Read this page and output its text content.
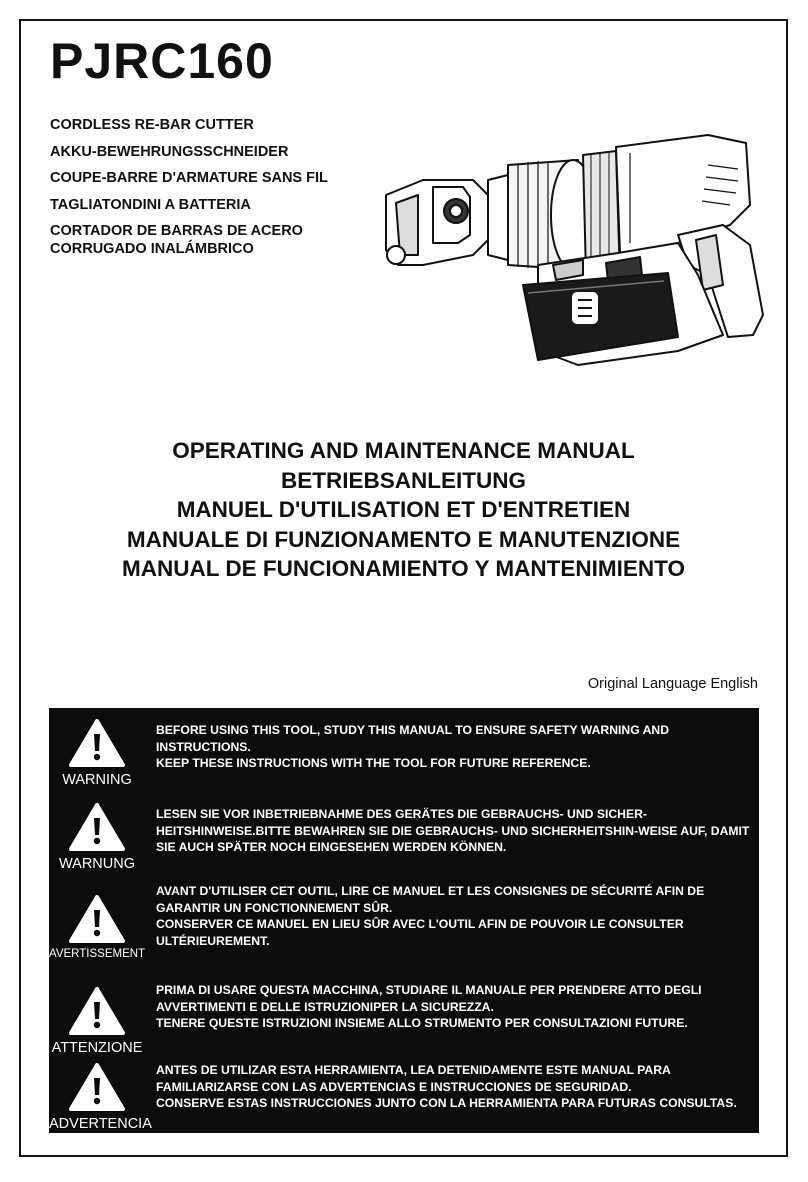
PJRC160
CORDLESS RE-BAR CUTTER
AKKU-BEWEHRUNGSSCHNEIDER
COUPE-BARRE D'ARMATURE SANS FIL
TAGLIATONDINI A BATTERIA
CORTADOR DE BARRAS DE ACERO CORRUGADO INALÁMBRICO
OPERATING AND MAINTENANCE MANUAL
BETRIEBSANLEITUNG
MANUEL D'UTILISATION ET D'ENTRETIEN
MANUALE DI FUNZIONAMENTO E MANUTENZIONE
MANUAL DE FUNCIONAMIENTO Y MANTENIMIENTO
Original Language English
WARNING

BEFORE USING THIS TOOL, STUDY THIS MANUAL TO ENSURE SAFETY WARNING AND INSTRUCTIONS.

KEEP THESE INSTRUCTIONS WITH THE TOOL FOR FUTURE REFERENCE.

WARNUNG

LESEN SIE VOR INBETRIEBNAHME DES GERÄTES DIE GEBRAUCHS- UND SICHER-HEITSHINWEISE.BITTE BEWAHREN SIE DIE GEBRAUCHS- UND SICHERHEITSHIN-WEISE AUF, DAMIT SIE AUCH SPÄTER NOCH EINGESEHEN WERDEN KÖNNEN.

AVERTISSEMENT

AVANT D'UTILISER CET OUTIL, LIRE CE MANUEL ET LES CONSIGNES DE SÉCURITÉ AFIN DE GARANTIR UN FONCTIONNEMENT SÛR.

CONSERVER CE MANUEL EN LIEU SÛR AVEC L'OUTIL AFIN DE POUVOIR LE CONSULTER ULTÉRIEUREMENT.

ATTENZIONE

PRIMA DI USARE QUESTA MACCHINA, STUDIARE IL MANUALE PER PRENDERE ATTO DEGLI AVVERTIMENTI E DELLE ISTRUZIONIPER LA SICUREZZA.

TENERE QUESTE ISTRUZIONI INSIEME ALLO STRUMENTO PER CONSULTAZIONI FUTURE.

ADVERTENCIA

ANTES DE UTILIZAR ESTA HERRAMIENTA, LEA DETENIDAMENTE ESTE MANUAL PARA FAMILIARIZARSE CON LAS ADVERTENCIAS E INSTRUCCIONES DE SEGURIDAD.

CONSERVE ESTAS INSTRUCCIONES JUNTO CON LA HERRAMIENTA PARA FUTURAS CONSULTAS.
